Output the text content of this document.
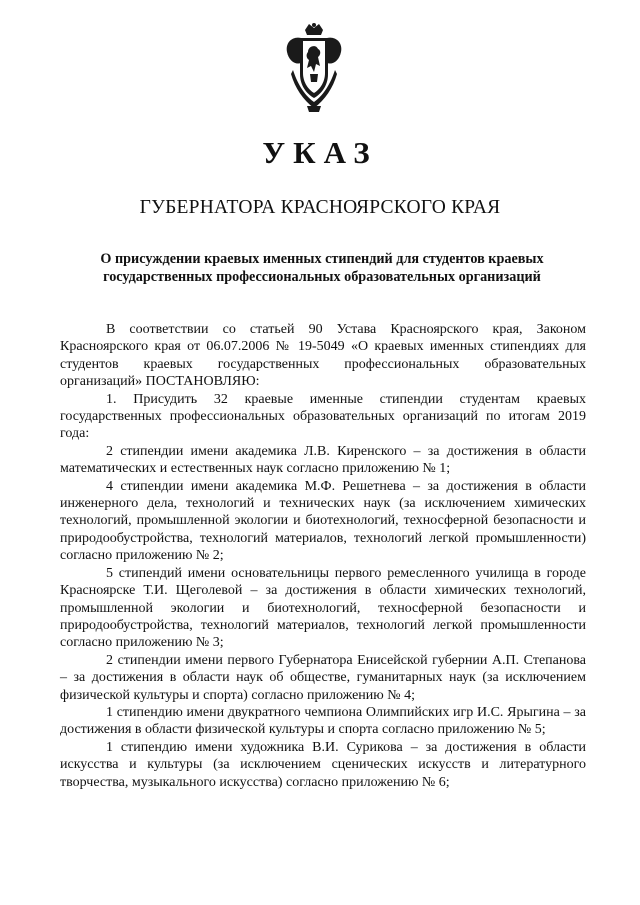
УКАЗ
ГУБЕРНАТОРА КРАСНОЯРСКОГО КРАЯ
О присуждении краевых именных стипендий для студентов краевых государственных профессиональных образовательных организаций

В соответствии со статьей 90 Устава Красноярского края, Законом Красноярского края от 06.07.2006 № 19-5049 «О краевых именных стипендиях для студентов краевых государственных профессиональных образовательных организаций» ПОСТАНОВЛЯЮ:

1. Присудить 32 краевые именные стипендии студентам краевых государственных профессиональных образовательных организаций по итогам 2019 года:

2 стипендии имени академика Л.В. Киренского – за достижения в области математических и естественных наук согласно приложению № 1;

4 стипендии имени академика М.Ф. Решетнева – за достижения в области инженерного дела, технологий и технических наук (за исключением химических технологий, промышленной экологии и биотехнологий, техносферной безопасности и природообустройства, технологий материалов, технологий легкой промышленности) согласно приложению № 2;

5 стипендий имени основательницы первого ремесленного училища в городе Красноярске Т.И. Щеголевой – за достижения в области химических технологий, промышленной экологии и биотехнологий, техносферной безопасности и природообустройства, технологий материалов, технологий легкой промышленности согласно приложению № 3;

2 стипендии имени первого Губернатора Енисейской губернии А.П. Степанова – за достижения в области наук об обществе, гуманитарных наук (за исключением физической культуры и спорта) согласно приложению № 4;

1 стипендию имени двукратного чемпиона Олимпийских игр И.С. Ярыгина – за достижения в области физической культуры и спорта согласно приложению № 5;

1 стипендию имени художника В.И. Сурикова – за достижения в области искусства и культуры (за исключением сценических искусств и литературного творчества, музыкального искусства) согласно приложению № 6;
